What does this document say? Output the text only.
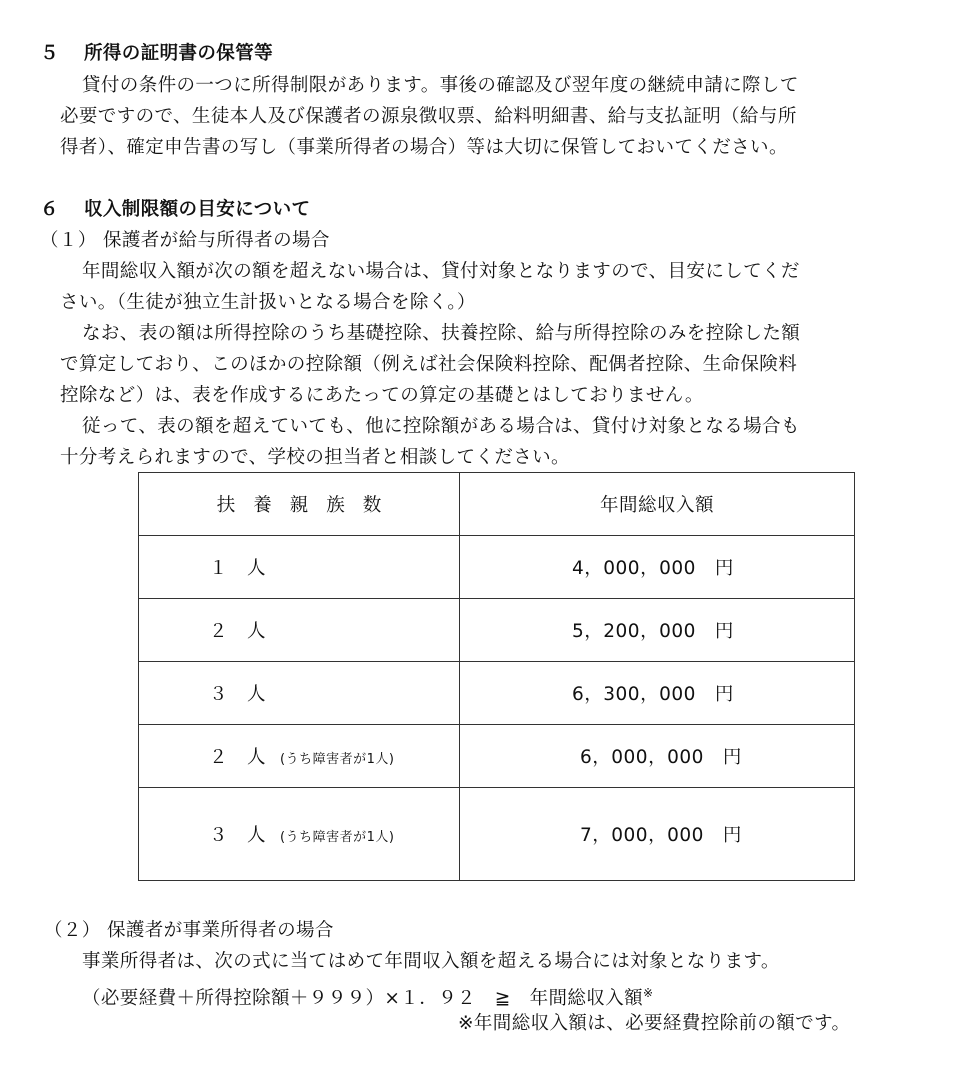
５ 所得の証明書の保管等
貸付の条件の一つに所得制限があります。事後の確認及び翌年度の継続申請に際して
必要ですので、生徒本人及び保護者の源泉徴収票、給料明細書、給与支払証明（給与所
得者）、確定申告書の写し（事業所得者の場合）等は大切に保管しておいてください。
６ 収入制限額の目安について
（１） 保護者が給与所得者の場合
年間総収入額が次の額を超えない場合は、貸付対象となりますので、目安にしてくだ
さい。（生徒が独立生計扱いとなる場合を除く。）
なお、表の額は所得控除のうち基礎控除、扶養控除、給与所得控除のみを控除した額
で算定しており、このほかの控除額（例えば社会保険料控除、配偶者控除、生命保険料
控除など）は、表を作成するにあたっての算定の基礎とはしておりません。
従って、表の額を超えていても、他に控除額がある場合は、貸付け対象となる場合も
十分考えられますので、学校の担当者と相談してください。
扶養親族数	年間総収入額
１　人	4，000，000　円
２　人	5，200，000　円
３　人	6，300，000　円
２　人 (うち障害者が1人)	6，000，000　円
３　人 (うち障害者が1人)	7，000，000　円
（２） 保護者が事業所得者の場合
事業所得者は、次の式に当てはめて年間収入額を超える場合には対象となります。
（必要経費＋所得控除額＋９９９）×１．９２　≧　年間総収入額※
※年間総収入額は、必要経費控除前の額です。
